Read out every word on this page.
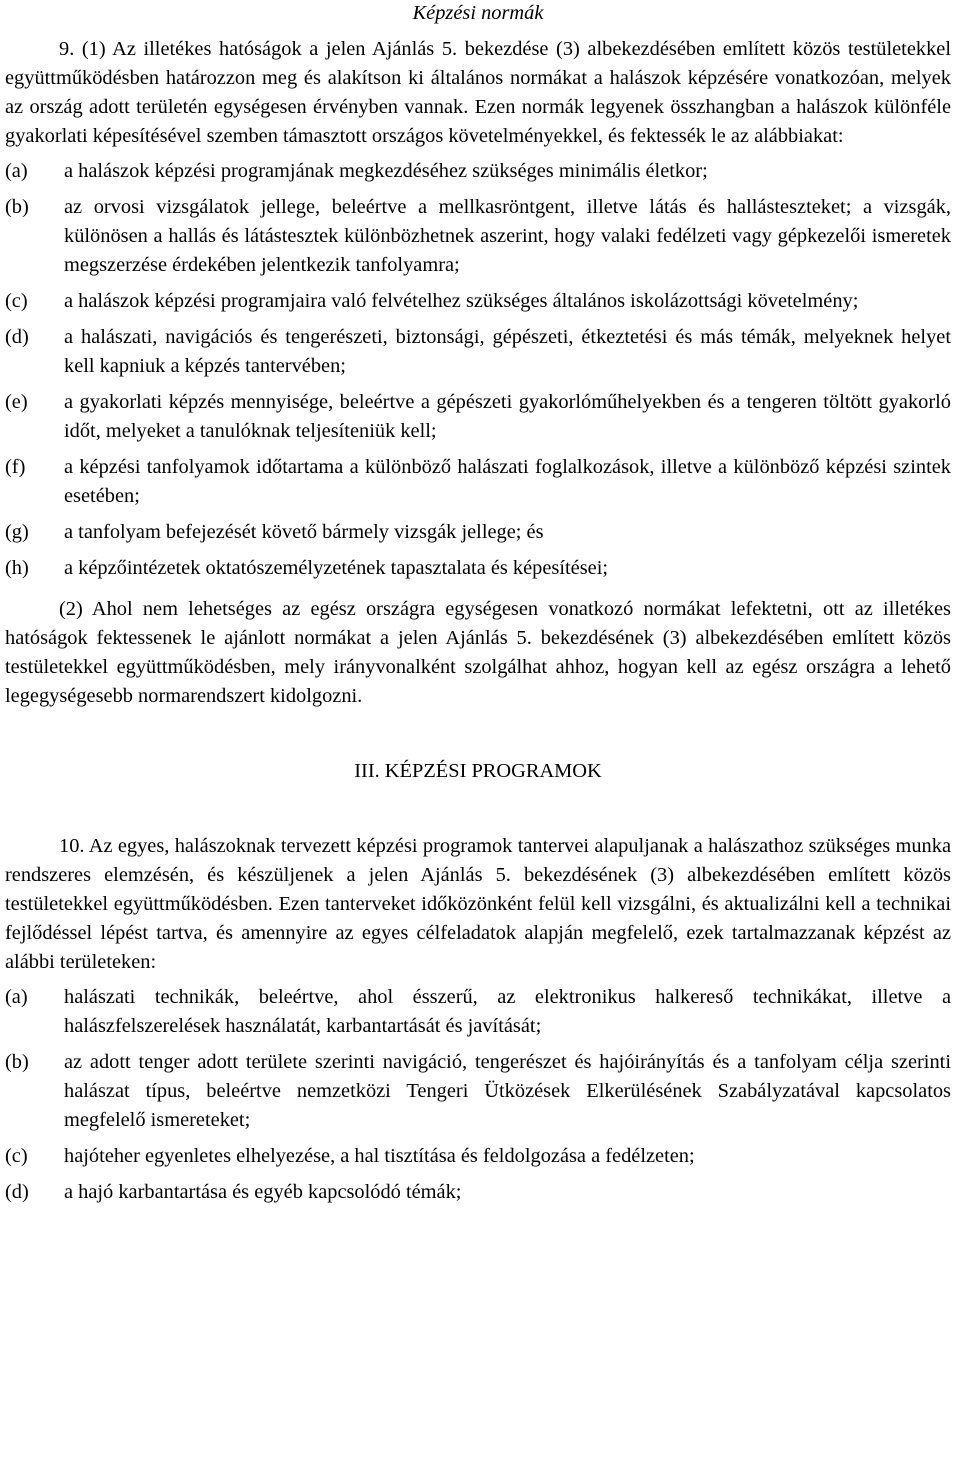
Képzési normák

9. (1) Az illetékes hatóságok a jelen Ajánlás 5. bekezdése (3) albekezdésében említett közös testületekkel együttműködésben határozzon meg és alakítson ki általános normákat a halászok képzésére vonatkozóan, melyek az ország adott területén egységesen érvényben vannak. Ezen normák legyenek összhangban a halászok különféle gyakorlati képesítésével szemben támasztott országos követelményekkel, és fektessék le az alábbiakat:

(a)	a halászok képzési programjának megkezdéséhez szükséges minimális életkor;
(b)	az orvosi vizsgálatok jellege, beleértve a mellkasröntgent, illetve látás és hallásteszteket; a vizsgák, különösen a hallás és látástesztek különbözhetnek aszerint, hogy valaki fedélzeti vagy gépkezelői ismeretek megszerzése érdekében jelentkezik tanfolyamra;
(c)	a halászok képzési programjaira való felvételhez szükséges általános iskolázottsági követelmény;
(d)	a halászati, navigációs és tengerészeti, biztonsági, gépészeti, étkeztetési és más témák, melyeknek helyet kell kapniuk a képzés tantervében;
(e)	a gyakorlati képzés mennyisége, beleértve a gépészeti gyakorlóműhelyekben és a tengeren töltött gyakorló időt, melyeket a tanulóknak teljesíteniük kell;
(f)	a képzési tanfolyamok időtartama a különböző halászati foglalkozások, illetve a különböző képzési szintek esetében;
(g)	a tanfolyam befejezését követő bármely vizsgák jellege; és
(h)	a képzőintézetek oktatószemélyzetének tapasztalata és képesítései;

(2) Ahol nem lehetséges az egész országra egységesen vonatkozó normákat lefektetni, ott az illetékes hatóságok fektessenek le ajánlott normákat a jelen Ajánlás 5. bekezdésének (3) albekezdésében említett közös testületekkel együttműködésben, mely irányvonalként szolgálhat ahhoz, hogyan kell az egész országra a lehető legegységesebb normarendszert kidolgozni.

III. KÉPZÉSI PROGRAMOK

10. Az egyes, halászoknak tervezett képzési programok tantervei alapuljanak a halászathoz szükséges munka rendszeres elemzésén, és készüljenek a jelen Ajánlás 5. bekezdésének (3) albekezdésében említett közös testületekkel együttműködésben. Ezen tanterveket időközönként felül kell vizsgálni, és aktualizálni kell a technikai fejlődéssel lépést tartva, és amennyire az egyes célfeladatok alapján megfelelő, ezek tartalmazzanak képzést az alábbi területeken:

(a)	halászati technikák, beleértve, ahol ésszerű, az elektronikus halkereső technikákat, illetve a halászfelszerelések használatát, karbantartását és javítását;
(b)	az adott tenger adott területe szerinti navigáció, tengerészet és hajóirányítás és a tanfolyam célja szerinti halászat típus, beleértve nemzetközi Tengeri Ütközések Elkerülésének Szabályzatával kapcsolatos megfelelő ismereteket;
(c)	hajóteher egyenletes elhelyezése, a hal tisztítása és feldolgozása a fedélzeten;
(d)	a hajó karbantartása és egyéb kapcsolódó témák;
